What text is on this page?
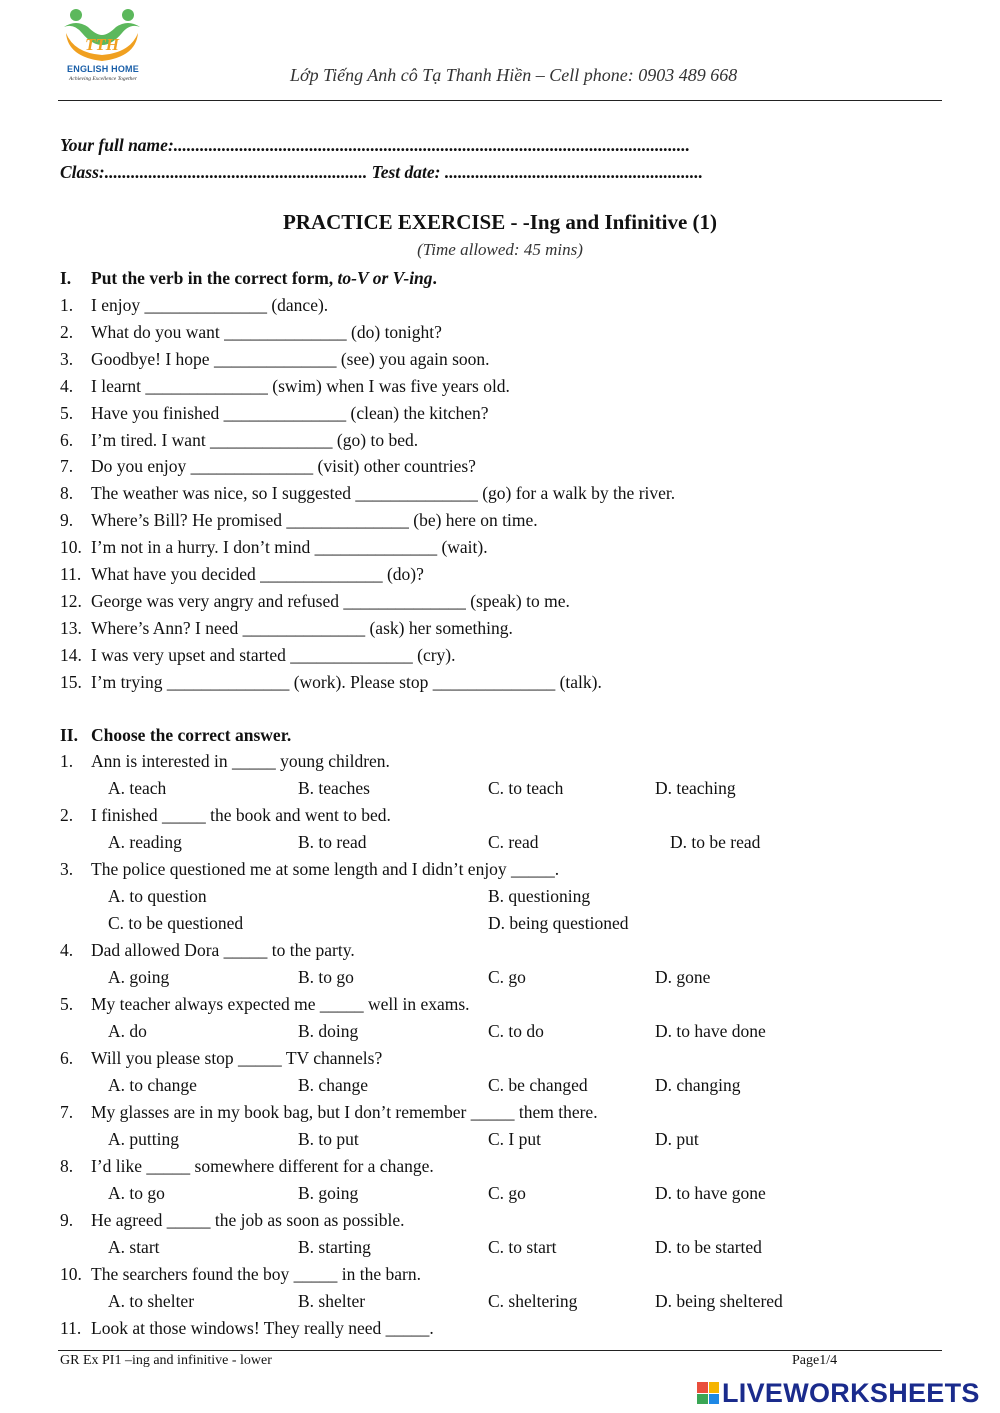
TTH
ENGLISH HOME
Achieving Excellence Together	Lớp Tiếng Anh cô Tạ Thanh Hiền – Cell phone: 0903 489 668
Your full name:......................................................................................................................
Class:............................................................ Test date: ...........................................................
PRACTICE EXERCISE - -Ing and Infinitive (1)
(Time allowed: 45 mins)
I. Put the verb in the correct form, to-V or V-ing.
1. I enjoy ______________ (dance).
2. What do you want ______________ (do) tonight?
3. Goodbye! I hope ______________ (see) you again soon.
4. I learnt ______________ (swim) when I was five years old.
5. Have you finished ______________ (clean) the kitchen?
6. I’m tired. I want ______________ (go) to bed.
7. Do you enjoy ______________ (visit) other countries?
8. The weather was nice, so I suggested ______________ (go) for a walk by the river.
9. Where’s Bill? He promised ______________ (be) here on time.
10. I’m not in a hurry. I don’t mind ______________ (wait).
11. What have you decided ______________ (do)?
12. George was very angry and refused ______________ (speak) to me.
13. Where’s Ann? I need ______________ (ask) her something.
14. I was very upset and started ______________ (cry).
15. I’m trying ______________ (work). Please stop ______________ (talk).
II. Choose the correct answer.
1. Ann is interested in _____ young children.
A. teach	B. teaches	C. to teach	D. teaching
2. I finished _____ the book and went to bed.
A. reading	B. to read	C. read	D. to be read
3. The police questioned me at some length and I didn’t enjoy _____.
A. to question	B. questioning
C. to be questioned	D. being questioned
4. Dad allowed Dora _____ to the party.
A. going	B. to go	C. go	D. gone
5. My teacher always expected me _____ well in exams.
A. do	B. doing	C. to do	D. to have done
6. Will you please stop _____ TV channels?
A. to change	B. change	C. be changed	D. changing
7. My glasses are in my book bag, but I don’t remember _____ them there.
A. putting	B. to put	C. I put	D. put
8. I’d like _____ somewhere different for a change.
A. to go	B. going	C. go	D. to have gone
9. He agreed _____ the job as soon as possible.
A. start	B. starting	C. to start	D. to be started
10. The searchers found the boy _____ in the barn.
A. to shelter	B. shelter	C. sheltering	D. being sheltered
11. Look at those windows! They really need _____.
GR Ex PI1 –ing and infinitive - lower	Page1/4
LIVEWORKSHEETS
